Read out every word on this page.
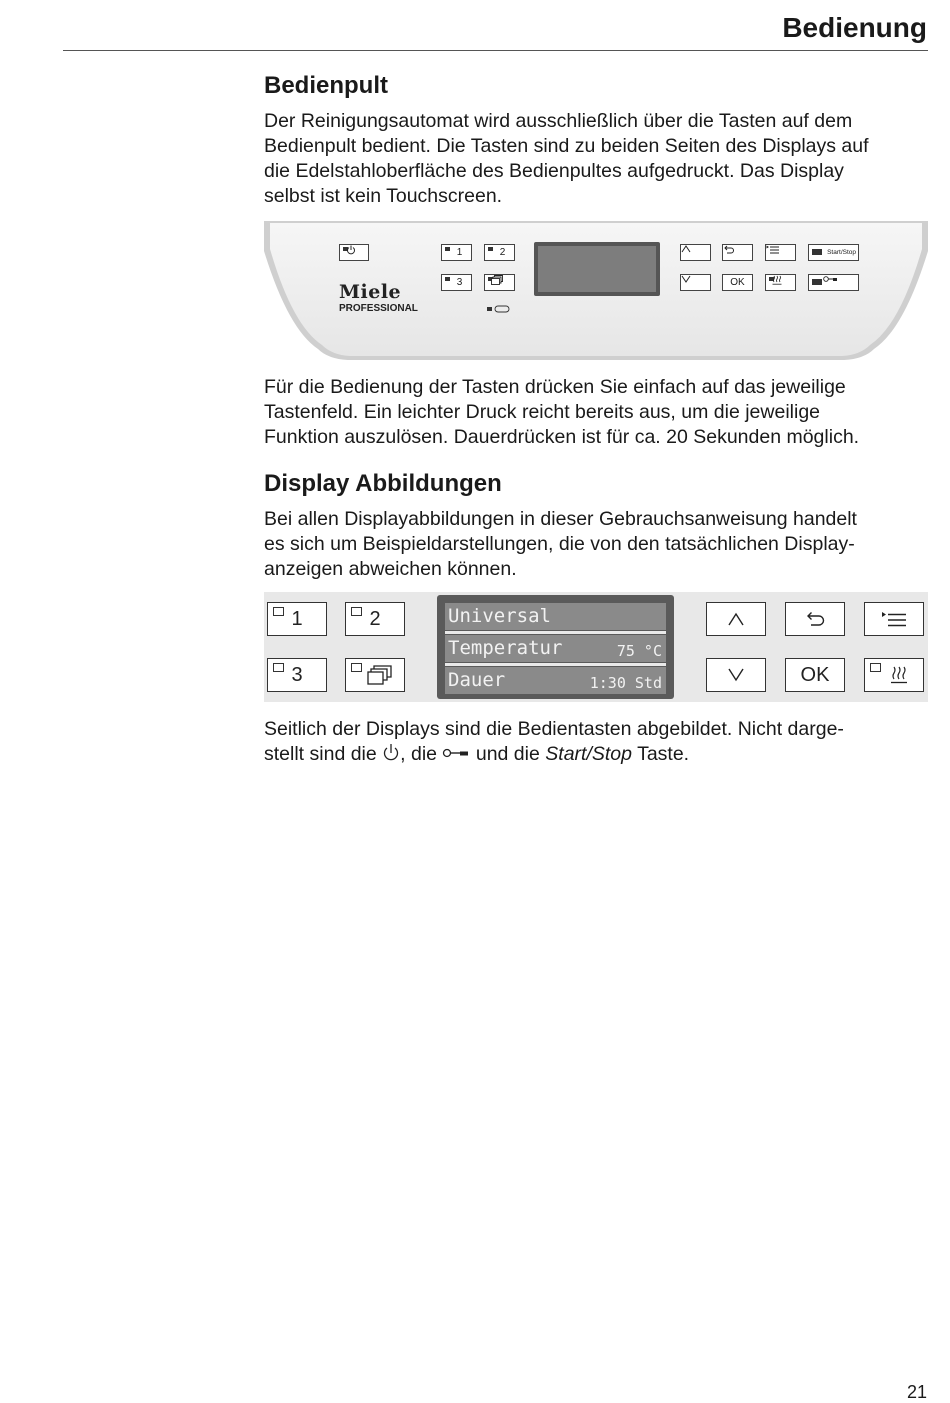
Bedienung
Bedienpult

Der Reinigungsautomat wird ausschließlich über die Tasten auf dem
Bedienpult bedient. Die Tasten sind zu beiden Seiten des Displays auf
die Edelstahloberfläche des Bedienpultes aufgedruckt. Das Display
selbst ist kein Touchscreen.

1	2
3
Start/Stop
OK
Miele
PROFESSIONAL

Für die Bedienung der Tasten drücken Sie einfach auf das jeweilige
Tastenfeld. Ein leichter Druck reicht bereits aus, um die jeweilige
Funktion auszulösen. Dauerdrücken ist für ca. 20 Sekunden möglich.

Display Abbildungen

Bei allen Displayabbildungen in dieser Gebrauchsanweisung handelt
es sich um Beispieldarstellungen, die von den tatsächlichen Display-
anzeigen abweichen können.

1	2
3
Universal
Temperatur	75 °C
Dauer	1:30 Std	OK

Seitlich der Displays sind die Bedientasten abgebildet. Nicht darge-
stellt sind die , die und die Start/Stop Taste.

21
